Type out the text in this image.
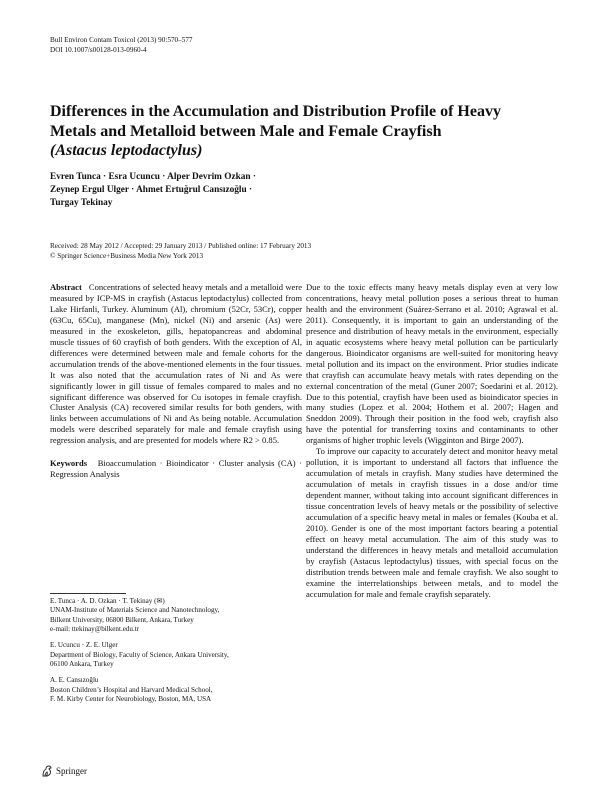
Bull Environ Contam Toxicol (2013) 90:570–577
DOI 10.1007/s00128-013-0960-4
Differences in the Accumulation and Distribution Profile of Heavy
Metals and Metalloid between Male and Female Crayfish
(Astacus leptodactylus)
Evren Tunca · Esra Ucuncu · Alper Devrim Ozkan ·
Zeynep Ergul Ulger · Ahmet Ertuğrul Cansızoğlu ·
Turgay Tekinay
Received: 28 May 2012 / Accepted: 29 January 2013 / Published online: 17 February 2013
© Springer Science+Business Media New York 2013
Abstract Concentrations of selected heavy metals and a metalloid were measured by ICP-MS in crayfish (Astacus leptodactylus) collected from Lake Hirfanli, Turkey. Aluminum (Al), chromium (52Cr, 53Cr), copper (63Cu, 65Cu), manganese (Mn), nickel (Ni) and arsenic (As) were measured in the exoskeleton, gills, hepatopancreas and abdominal muscle tissues of 60 crayfish of both genders. With the exception of Al, differences were determined between male and female cohorts for the accumulation trends of the above-mentioned elements in the four tissues. It was also noted that the accumulation rates of Ni and As were significantly lower in gill tissue of females compared to males and no significant difference was observed for Cu isotopes in female crayfish. Cluster Analysis (CA) recovered similar results for both genders, with links between accumulations of Ni and As being notable. Accumulation models were described separately for male and female crayfish using regression analysis, and are presented for models where R2 > 0.85.
Keywords Bioaccumulation · Bioindicator · Cluster analysis (CA) · Regression Analysis
E. Tunca · A. D. Ozkan · T. Tekinay (✉)
UNAM-Institute of Materials Science and Nanotechnology,
Bilkent University, 06800 Bilkent, Ankara, Turkey
e-mail: ttekinay@bilkent.edu.tr
E. Ucuncu · Z. E. Ulger
Department of Biology, Faculty of Science, Ankara University,
06100 Ankara, Turkey
A. E. Cansızoğlu
Boston Children’s Hospital and Harvard Medical School,
F. M. Kirby Center for Neurobiology, Boston, MA, USA

Due to the toxic effects many heavy metals display even at very low concentrations, heavy metal pollution poses a serious threat to human health and the environment (Suárez-Serrano et al. 2010; Agrawal et al. 2011). Consequently, it is important to gain an understanding of the presence and distribution of heavy metals in the environment, especially in aquatic ecosystems where heavy metal pollution can be particularly dangerous. Bioindicator organisms are well-suited for monitoring heavy metal pollution and its impact on the environment. Prior studies indicate that crayfish can accumulate heavy metals with rates depending on the external concentration of the metal (Guner 2007; Soedarini et al. 2012). Due to this potential, crayfish have been used as bioindicator species in many studies (Lopez et al. 2004; Hothem et al. 2007; Hagen and Sneddon 2009). Through their position in the food web, crayfish also have the potential for transferring toxins and contaminants to other organisms of higher trophic levels (Wigginton and Birge 2007).

To improve our capacity to accurately detect and monitor heavy metal pollution, it is important to understand all factors that influence the accumulation of metals in crayfish. Many studies have determined the accumulation of metals in crayfish tissues in a dose and/or time dependent manner, without taking into account significant differences in tissue concentration levels of heavy metals or the possibility of selective accumulation of a specific heavy metal in males or females (Kouba et al. 2010). Gender is one of the most important factors bearing a potential effect on heavy metal accumulation. The aim of this study was to understand the differences in heavy metals and metalloid accumulation by crayfish (Astacus leptodactylus) tissues, with special focus on the distribution trends between male and female crayfish. We also sought to examine the interrelationships between metals, and to model the accumulation for male and female crayfish separately.

Springer
